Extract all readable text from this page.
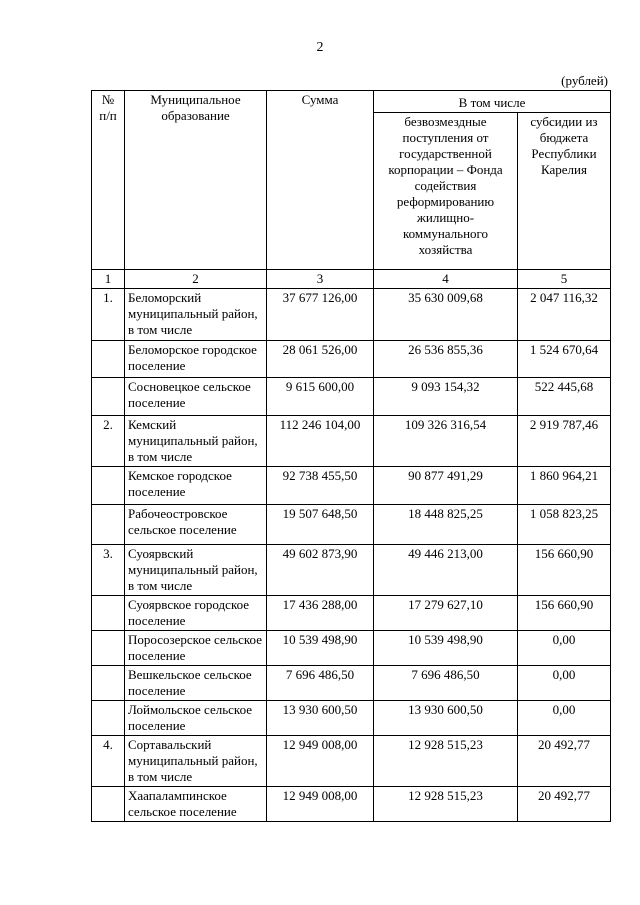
2
(рублей)
№ п/п	Муниципальное образование	Сумма	В том числе	
			безвозмездные поступления от государственной корпорации – Фонда содействия реформированию жилищно-коммунального хозяйства	субсидии из бюджета Республики Карелия
1	2	3	4	5
1.	Беломорский муниципальный район, в том числе	37 677 126,00	35 630 009,68	2 047 116,32
	Беломорское городское поселение	28 061 526,00	26 536 855,36	1 524 670,64
	Сосновецкое сельское поселение	9 615 600,00	9 093 154,32	522 445,68
2.	Кемский муниципальный район, в том числе	112 246 104,00	109 326 316,54	2 919 787,46
	Кемское городское поселение	92 738 455,50	90 877 491,29	1 860 964,21
	Рабочеостровское сельское поселение	19 507 648,50	18 448 825,25	1 058 823,25
3.	Суоярвский муниципальный район, в том числе	49 602 873,90	49 446 213,00	156 660,90
	Суоярвское городское поселение	17 436 288,00	17 279 627,10	156 660,90
	Поросозерское сельское поселение	10 539 498,90	10 539 498,90	0,00
	Вешкельское сельское поселение	7 696 486,50	7 696 486,50	0,00
	Лоймольское сельское поселение	13 930 600,50	13 930 600,50	0,00
4.	Сортавальский муниципальный район, в том числе	12 949 008,00	12 928 515,23	20 492,77
	Хаапалампинское сельское поселение	12 949 008,00	12 928 515,23	20 492,77
